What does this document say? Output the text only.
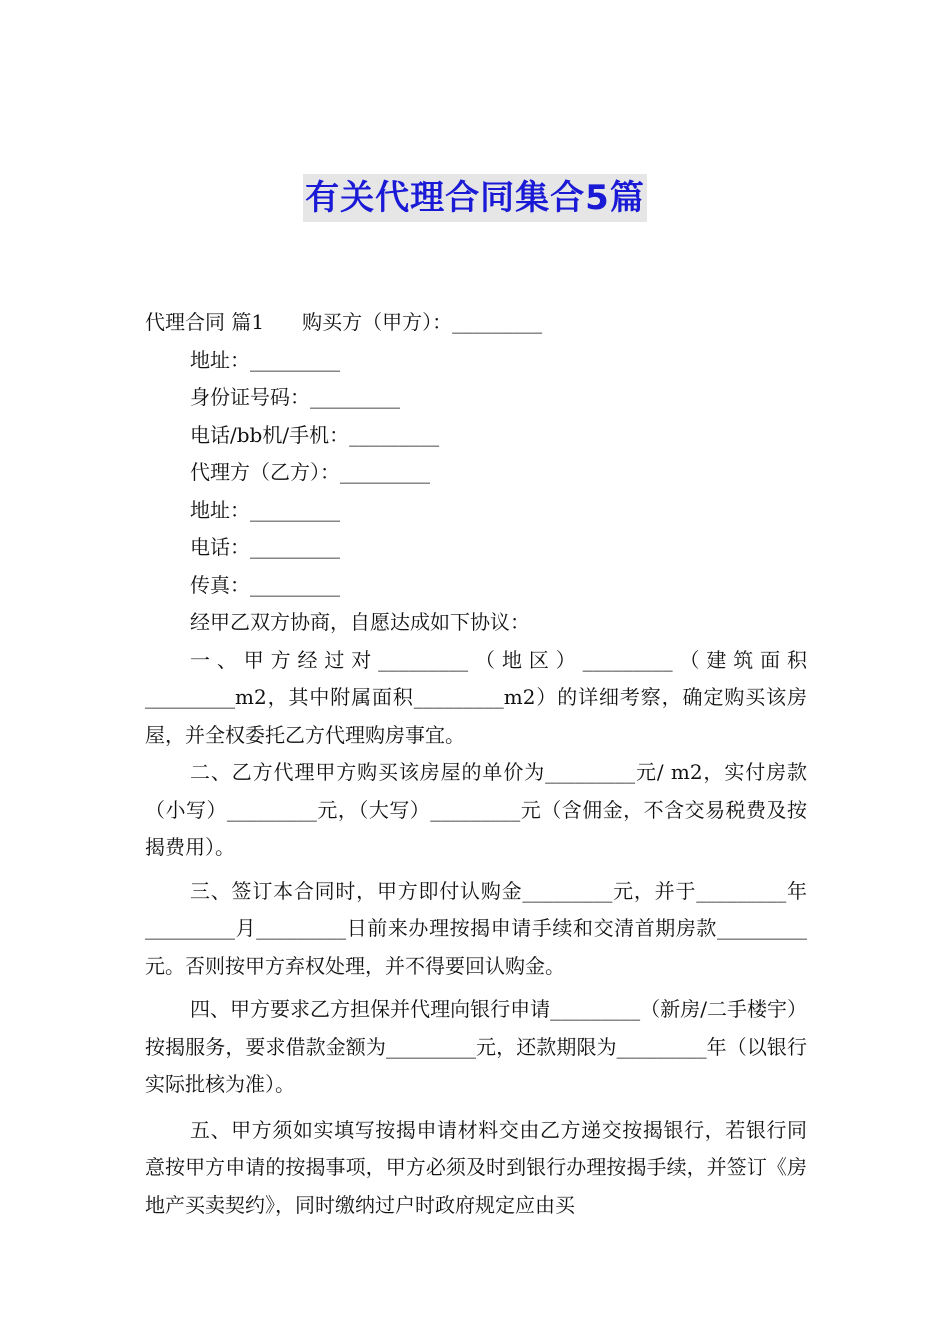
有关代理合同集合5篇
代理合同 篇1 购买方（甲方）：_________
地址：_________
身份证号码：_________
电话/bb机/手机：_________
代理方（乙方）：_________
地址：_________
电话：_________
传真：_________
经甲乙双方协商，自愿达成如下协议：

一、甲方经过对_________（地区）_________（建筑面积_________m2，其中附属面积_________m2）的详细考察，确定购买该房屋，并全权委托乙方代理购房事宜。

二、乙方代理甲方购买该房屋的单价为_________元/ m2，实付房款（小写）_________元，（大写）_________元（含佣金，不含交易税费及按揭费用）。

三、签订本合同时，甲方即付认购金_________元，并于_________年_________月_________日前来办理按揭申请手续和交清首期房款_________元。否则按甲方弃权处理，并不得要回认购金。

四、甲方要求乙方担保并代理向银行申请_________（新房/二手楼宇）按揭服务，要求借款金额为_________元，还款期限为_________年（以银行实际批核为准）。

五、甲方须如实填写按揭申请材料交由乙方递交按揭银行，若银行同意按甲方申请的按揭事项，甲方必须及时到银行办理按揭手续，并签订《房地产买卖契约》，同时缴纳过户时政府规定应由买
